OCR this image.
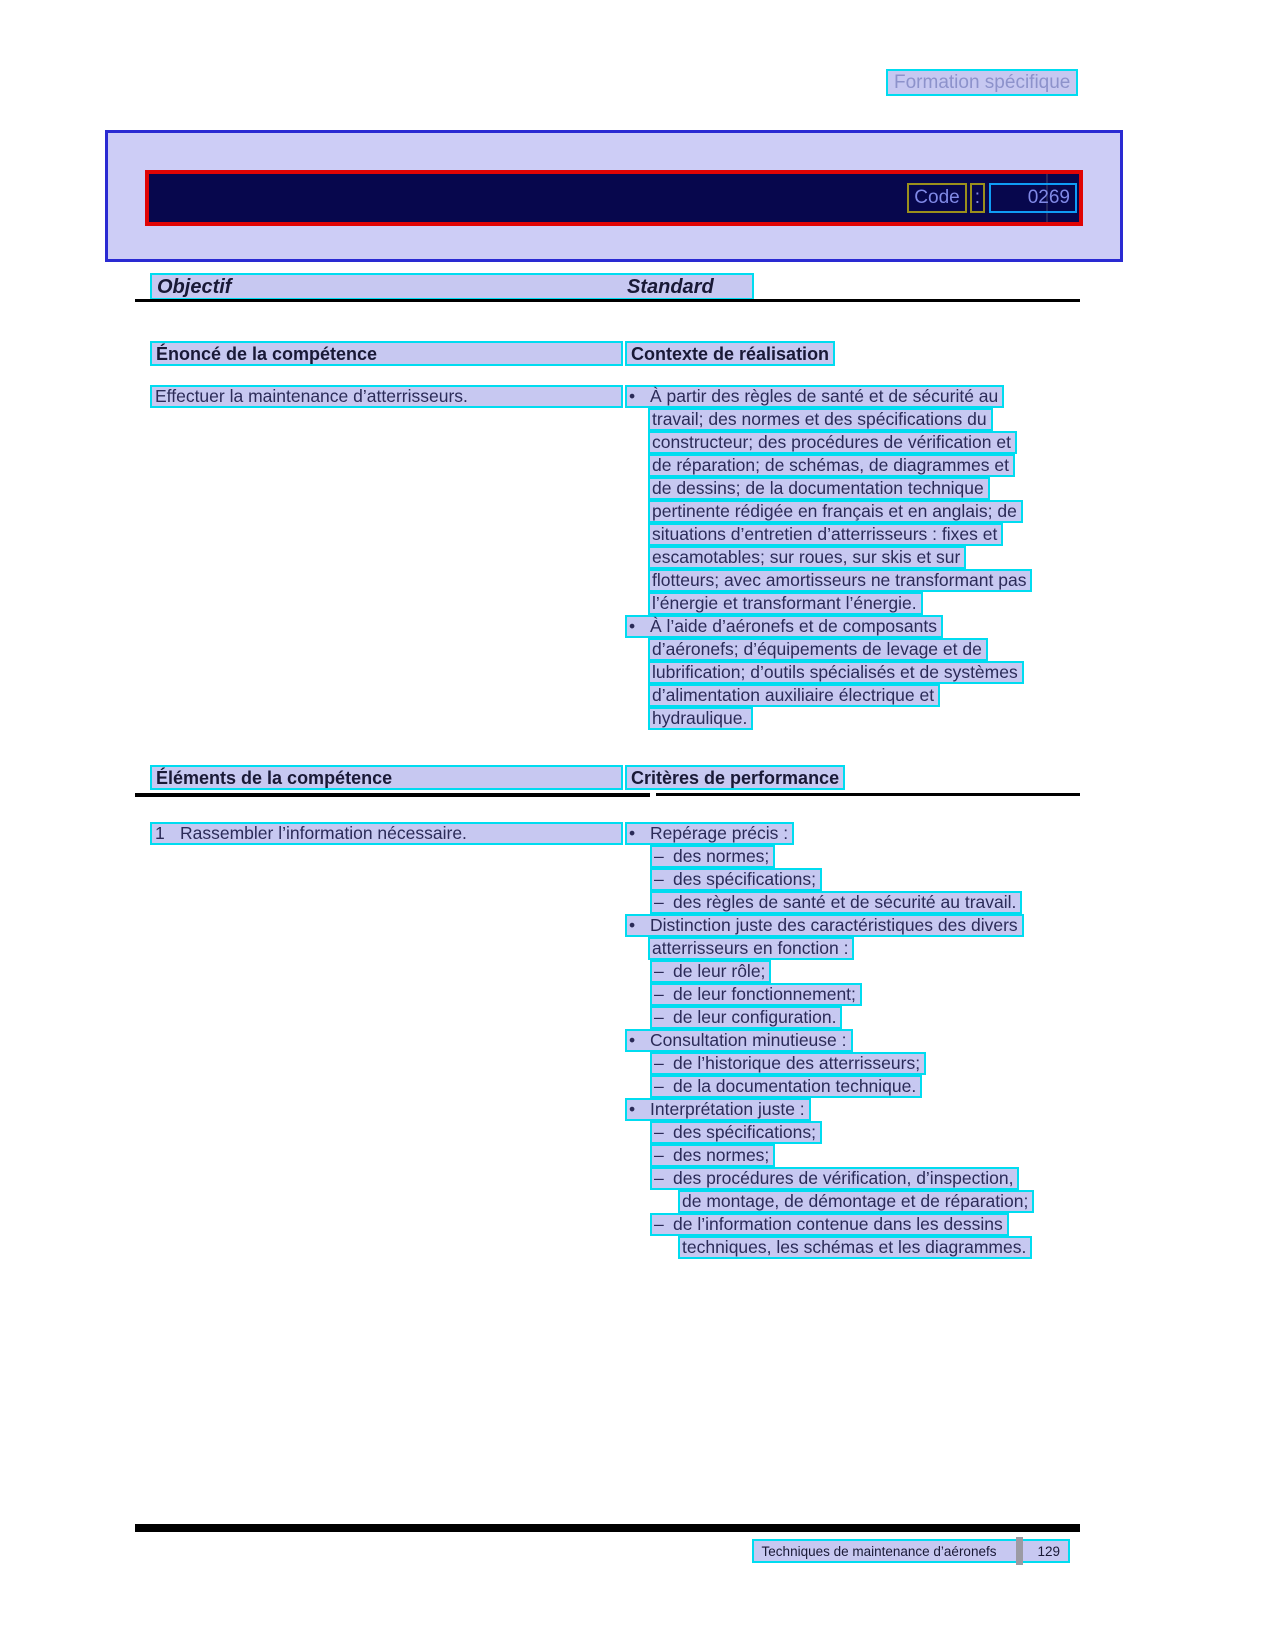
Formation spécifique
Code :	0269
Objectif	Standard
Énoncé de la compétence	Contexte de réalisation
Effectuer la maintenance d’atterrisseurs.	• À partir des règles de santé et de sécurité au
travail; des normes et des spécifications du
constructeur; des procédures de vérification et
de réparation; de schémas, de diagrammes et
de dessins; de la documentation technique
pertinente rédigée en français et en anglais; de
situations d’entretien d’atterrisseurs : fixes et
escamotables; sur roues, sur skis et sur
flotteurs; avec amortisseurs ne transformant pas
l’énergie et transformant l’énergie.
• À l’aide d’aéronefs et de composants
d’aéronefs; d’équipements de levage et de
lubrification; d’outils spécialisés et de systèmes
d’alimentation auxiliaire électrique et
hydraulique.
Éléments de la compétence	Critères de performance
1 Rassembler l’information nécessaire.	• Repérage précis :
– des normes;
– des spécifications;
– des règles de santé et de sécurité au travail.
• Distinction juste des caractéristiques des divers
atterrisseurs en fonction :
– de leur rôle;
– de leur fonctionnement;
– de leur configuration.
• Consultation minutieuse :
– de l’historique des atterrisseurs;
– de la documentation technique.
• Interprétation juste :
– des spécifications;
– des normes;
– des procédures de vérification, d’inspection,
de montage, de démontage et de réparation;
– de l’information contenue dans les dessins
techniques, les schémas et les diagrammes.
Techniques de maintenance d’aéronefs	129
